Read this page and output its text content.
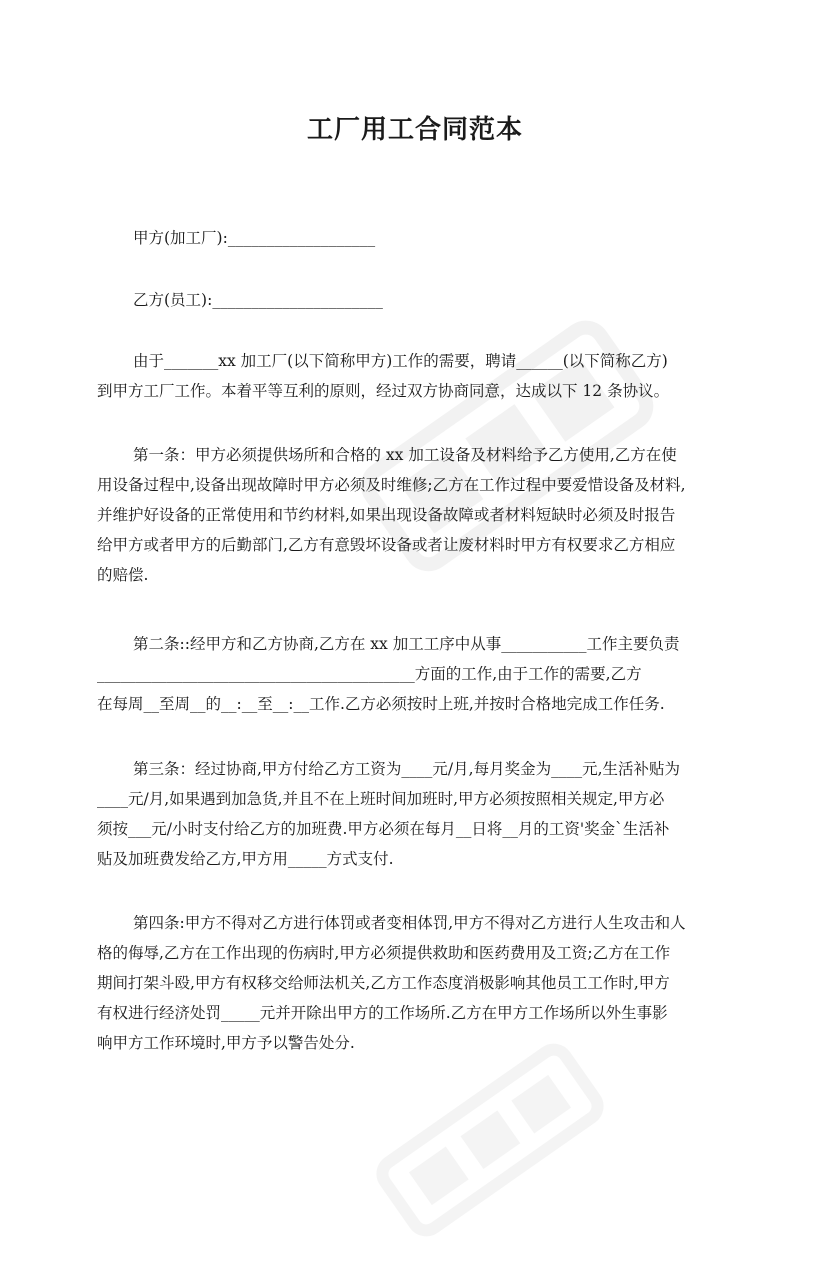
工厂用工合同范本
甲方(加工厂):___________________
乙方(员工):______________________
由于_______xx 加工厂(以下简称甲方)工作的需要，聘请______(以下简称乙方)
到甲方工厂工作。本着平等互利的原则，经过双方协商同意，达成以下 12 条协议。
第一条：甲方必须提供场所和合格的 xx 加工设备及材料给予乙方使用,乙方在使
用设备过程中,设备出现故障时甲方必须及时维修;乙方在工作过程中要爱惜设备及材料,
并维护好设备的正常使用和节约材料,如果出现设备故障或者材料短缺时必须及时报告
给甲方或者甲方的后勤部门,乙方有意毁坏设备或者让废材料时甲方有权要求乙方相应
的赔偿.
第二条::经甲方和乙方协商,乙方在 xx 加工工序中从事___________工作主要负责
_________________________________________方面的工作,由于工作的需要,乙方
在每周__至周__的__:__至__:__工作.乙方必须按时上班,并按时合格地完成工作任务.
第三条：经过协商,甲方付给乙方工资为____元/月,每月奖金为____元,生活补贴为
____元/月,如果遇到加急货,并且不在上班时间加班时,甲方必须按照相关规定,甲方必
须按___元/小时支付给乙方的加班费.甲方必须在每月__日将__月的工资'奖金`生活补
贴及加班费发给乙方,甲方用_____方式支付.
第四条:甲方不得对乙方进行体罚或者变相体罚,甲方不得对乙方进行人生攻击和人
格的侮辱,乙方在工作出现的伤病时,甲方必须提供救助和医药费用及工资;乙方在工作
期间打架斗殴,甲方有权移交给师法机关,乙方工作态度消极影响其他员工工作时,甲方
有权进行经济处罚_____元并开除出甲方的工作场所.乙方在甲方工作场所以外生事影
响甲方工作环境时,甲方予以警告处分.
